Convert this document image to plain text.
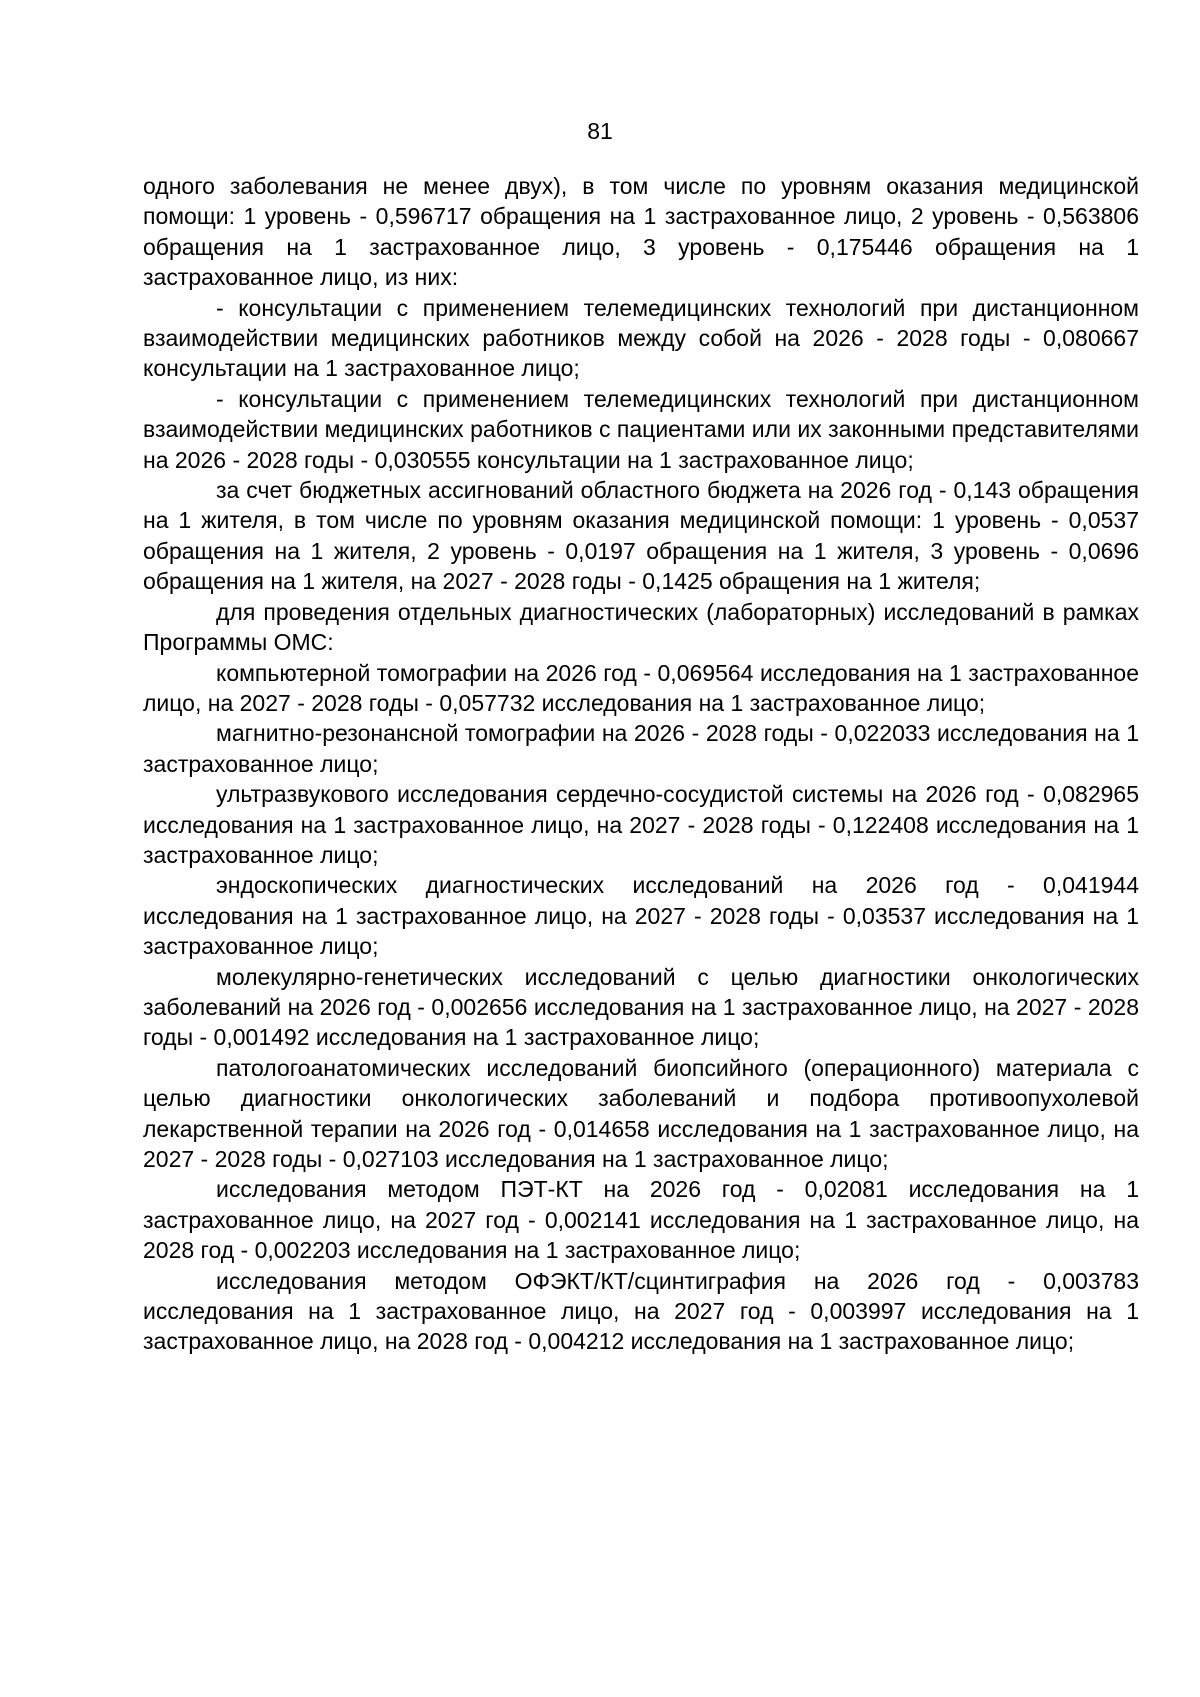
81

одного заболевания не менее двух), в том числе по уровням оказания медицинской помощи: 1 уровень - 0,596717 обращения на 1 застрахованное лицо, 2 уровень - 0,563806 обращения на 1 застрахованное лицо, 3 уровень - 0,175446 обращения на 1 застрахованное лицо, из них:

- консультации с применением телемедицинских технологий при дистанционном взаимодействии медицинских работников между собой на 2026 - 2028 годы - 0,080667 консультации на 1 застрахованное лицо;

- консультации с применением телемедицинских технологий при дистанционном взаимодействии медицинских работников с пациентами или их законными представителями на 2026 - 2028 годы - 0,030555 консультации на 1 застрахованное лицо;

за счет бюджетных ассигнований областного бюджета на 2026 год - 0,143 обращения на 1 жителя, в том числе по уровням оказания медицинской помощи: 1 уровень - 0,0537 обращения на 1 жителя, 2 уровень - 0,0197 обращения на 1 жителя, 3 уровень - 0,0696 обращения на 1 жителя, на 2027 - 2028 годы - 0,1425 обращения на 1 жителя;

для проведения отдельных диагностических (лабораторных) исследований в рамках Программы ОМС:

компьютерной томографии на 2026 год - 0,069564 исследования на 1 застрахованное лицо, на 2027 - 2028 годы - 0,057732 исследования на 1 застрахованное лицо;

магнитно-резонансной томографии на 2026 - 2028 годы - 0,022033 исследования на 1 застрахованное лицо;

ультразвукового исследования сердечно-сосудистой системы на 2026 год - 0,082965 исследования на 1 застрахованное лицо, на 2027 - 2028 годы - 0,122408 исследования на 1 застрахованное лицо;

эндоскопических диагностических исследований на 2026 год - 0,041944 исследования на 1 застрахованное лицо, на 2027 - 2028 годы - 0,03537 исследования на 1 застрахованное лицо;

молекулярно-генетических исследований с целью диагностики онкологических заболеваний на 2026 год - 0,002656 исследования на 1 застрахованное лицо, на 2027 - 2028 годы - 0,001492 исследования на 1 застрахованное лицо;

патологоанатомических исследований биопсийного (операционного) материала с целью диагностики онкологических заболеваний и подбора противоопухолевой лекарственной терапии на 2026 год - 0,014658 исследования на 1 застрахованное лицо, на 2027 - 2028 годы - 0,027103 исследования на 1 застрахованное лицо;

исследования методом ПЭТ-КТ на 2026 год - 0,02081 исследования на 1 застрахованное лицо, на 2027 год - 0,002141 исследования на 1 застрахованное лицо, на 2028 год - 0,002203 исследования на 1 застрахованное лицо;

исследования методом ОФЭКТ/КТ/сцинтиграфия на 2026 год - 0,003783 исследования на 1 застрахованное лицо, на 2027 год - 0,003997 исследования на 1 застрахованное лицо, на 2028 год - 0,004212 исследования на 1 застрахованное лицо;
